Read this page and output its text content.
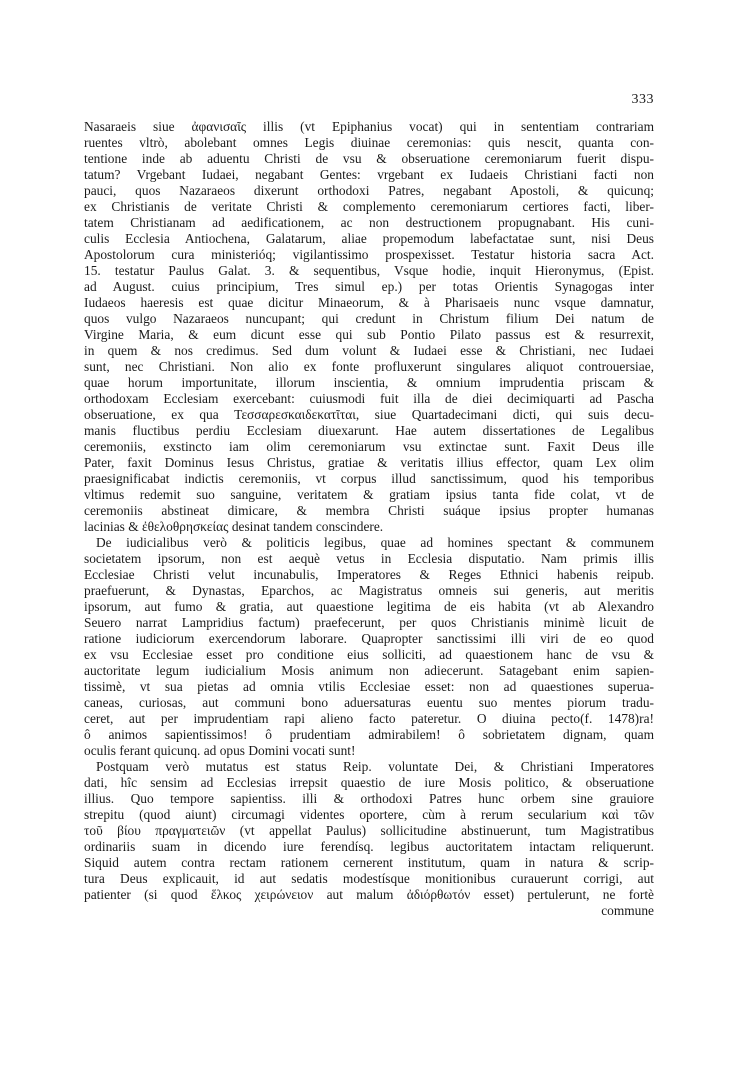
333
Nasaraeis siue ἀφανισαῖς illis (vt Epiphanius vocat) qui in sententiam contrariam
ruentes vltrò, abolebant omnes Legis diuinae ceremonias: quis nescit, quanta con-
tentione inde ab aduentu Christi de vsu & obseruatione ceremoniarum fuerit dispu-
tatum? Vrgebant Iudaei, negabant Gentes: vrgebant ex Iudaeis Christiani facti non
pauci, quos Nazaraeos dixerunt orthodoxi Patres, negabant Apostoli, & quicunq;
ex Christianis de veritate Christi & complemento ceremoniarum certiores facti, liber-
tatem Christianam ad aedificationem, ac non destructionem propugnabant. His cuni-
culis Ecclesia Antiochena, Galatarum, aliae propemodum labefactatae sunt, nisi Deus
Apostolorum cura ministerióq; vigilantissimo prospexisset. Testatur historia sacra Act.
15. testatur Paulus Galat. 3. & sequentibus, Vsque hodie, inquit Hieronymus, (Epist.
ad August. cuius principium, Tres simul ep.) per totas Orientis Synagogas inter
Iudaeos haeresis est quae dicitur Minaeorum, & à Pharisaeis nunc vsque damnatur,
quos vulgo Nazaraeos nuncupant; qui credunt in Christum filium Dei natum de
Virgine Maria, & eum dicunt esse qui sub Pontio Pilato passus est & resurrexit,
in quem & nos credimus. Sed dum volunt & Iudaei esse & Christiani, nec Iudaei
sunt, nec Christiani. Non alio ex fonte profluxerunt singulares aliquot controuersiae,
quae horum importunitate, illorum inscientia, & omnium imprudentia priscam &
orthodoxam Ecclesiam exercebant: cuiusmodi fuit illa de diei decimiquarti ad Pascha
obseruatione, ex qua Τεσσαρεσκαιδεκατῖται, siue Quartadecimani dicti, qui suis decu-
manis fluctibus perdiu Ecclesiam diuexarunt. Hae autem dissertationes de Legalibus
ceremoniis, exstincto iam olim ceremoniarum vsu extinctae sunt. Faxit Deus ille
Pater, faxit Dominus Iesus Christus, gratiae & veritatis illius effector, quam Lex olim
praesignificabat indictis ceremoniis, vt corpus illud sanctissimum, quod his temporibus
vltimus redemit suo sanguine, veritatem & gratiam ipsius tanta fide colat, vt de
ceremoniis abstineat dimicare, & membra Christi suáque ipsius propter humanas
lacinias & ἐθελοθρησκείας desinat tandem conscindere.
De iudicialibus verò & politicis legibus, quae ad homines spectant & communem
societatem ipsorum, non est aequè vetus in Ecclesia disputatio. Nam primis illis
Ecclesiae Christi velut incunabulis, Imperatores & Reges Ethnici habenis reipub.
praefuerunt, & Dynastas, Eparchos, ac Magistratus omneis sui generis, aut meritis
ipsorum, aut fumo & gratia, aut quaestione legitima de eis habita (vt ab Alexandro
Seuero narrat Lampridius factum) praefecerunt, per quos Christianis minimè licuit de
ratione iudiciorum exercendorum laborare. Quapropter sanctissimi illi viri de eo quod
ex vsu Ecclesiae esset pro conditione eius solliciti, ad quaestionem hanc de vsu &
auctoritate legum iudicialium Mosis animum non adiecerunt. Satagebant enim sapien-
tissimè, vt sua pietas ad omnia vtilis Ecclesiae esset: non ad quaestiones superua-
caneas, curiosas, aut communi bono aduersaturas euentu suo mentes piorum tradu-
ceret, aut per imprudentiam rapi alieno facto pateretur. O diuina pecto(f. 1478)ra!
ô animos sapientissimos! ô prudentiam admirabilem! ô sobrietatem dignam, quam
oculis ferant quicunq. ad opus Domini vocati sunt!
Postquam verò mutatus est status Reip. voluntate Dei, & Christiani Imperatores
dati, hîc sensim ad Ecclesias irrepsit quaestio de iure Mosis politico, & obseruatione
illius. Quo tempore sapientiss. illi & orthodoxi Patres hunc orbem sine grauiore
strepitu (quod aiunt) circumagi videntes oportere, cùm à rerum secularium καὶ τῶν
τοῦ βίου πραγματειῶν (vt appellat Paulus) sollicitudine abstinuerunt, tum Magistratibus
ordinariis suam in dicendo iure ferendísq. legibus auctoritatem intactam reliquerunt.
Siquid autem contra rectam rationem cernerent institutum, quam in natura & scrip-
tura Deus explicauit, id aut sedatis modestísque monitionibus curauerunt corrigi, aut
patienter (si quod ἕλκος χειρώνειον aut malum ἀδιόρθωτόν esset) pertulerunt, ne fortè
commune
